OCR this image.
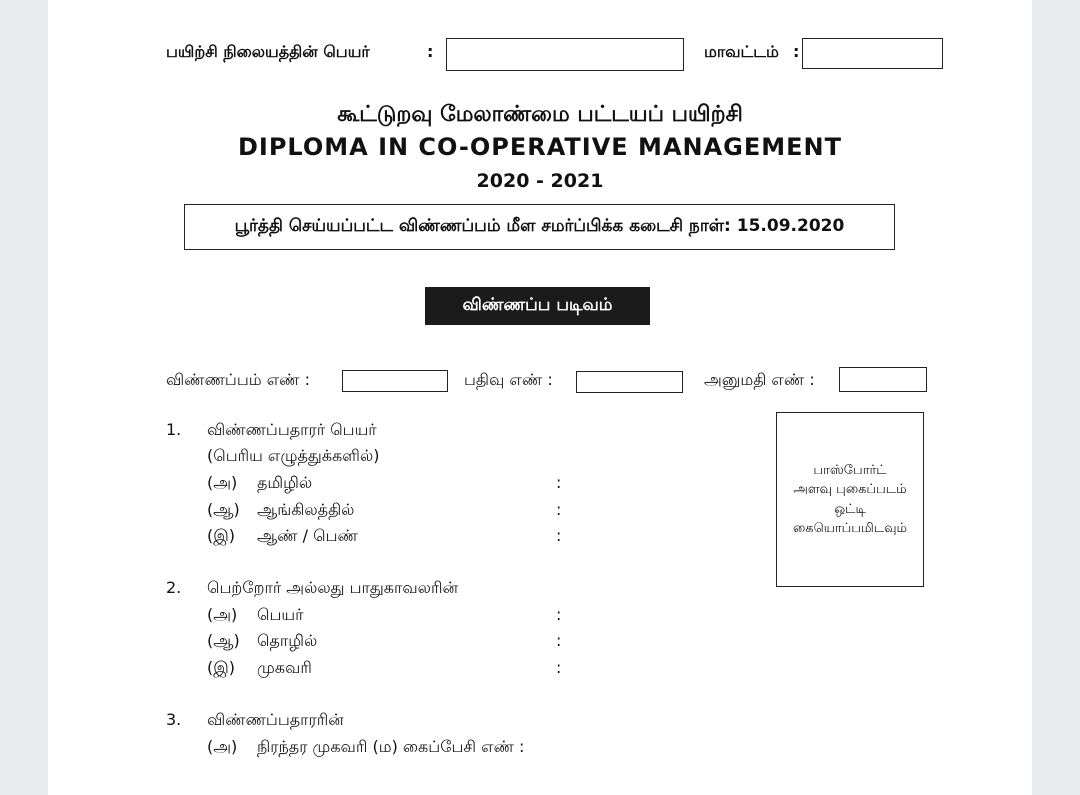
பயிற்சி நிலையத்தின் பெயர்	:	மாவட்டம் :
கூட்டுறவு மேலாண்மை பட்டயப் பயிற்சி
DIPLOMA IN CO-OPERATIVE MANAGEMENT
2020 - 2021
பூர்த்தி செய்யப்பட்ட விண்ணப்பம் மீள சமர்ப்பிக்க கடைசி நாள்: 15.09.2020
விண்ணப்ப படிவம்
விண்ணப்பம் எண் :	பதிவு எண் :	அனுமதி எண் :
பாஸ்போர்ட்
அளவு புகைப்படம்
ஒட்டி
கையொப்பமிடவும்
1. விண்ணப்பதாரர் பெயர்
(பெரிய எழுத்துக்களில்)
(அ) தமிழில்	:
(ஆ) ஆங்கிலத்தில்	:
(இ) ஆண் / பெண்	:
2. பெற்றோர் அல்லது பாதுகாவலரின்
(அ) பெயர்	:
(ஆ) தொழில்	:
(இ) முகவரி	:
3. விண்ணப்பதாரரின்
(அ) நிரந்தர முகவரி (ம) கைப்பேசி எண் :
